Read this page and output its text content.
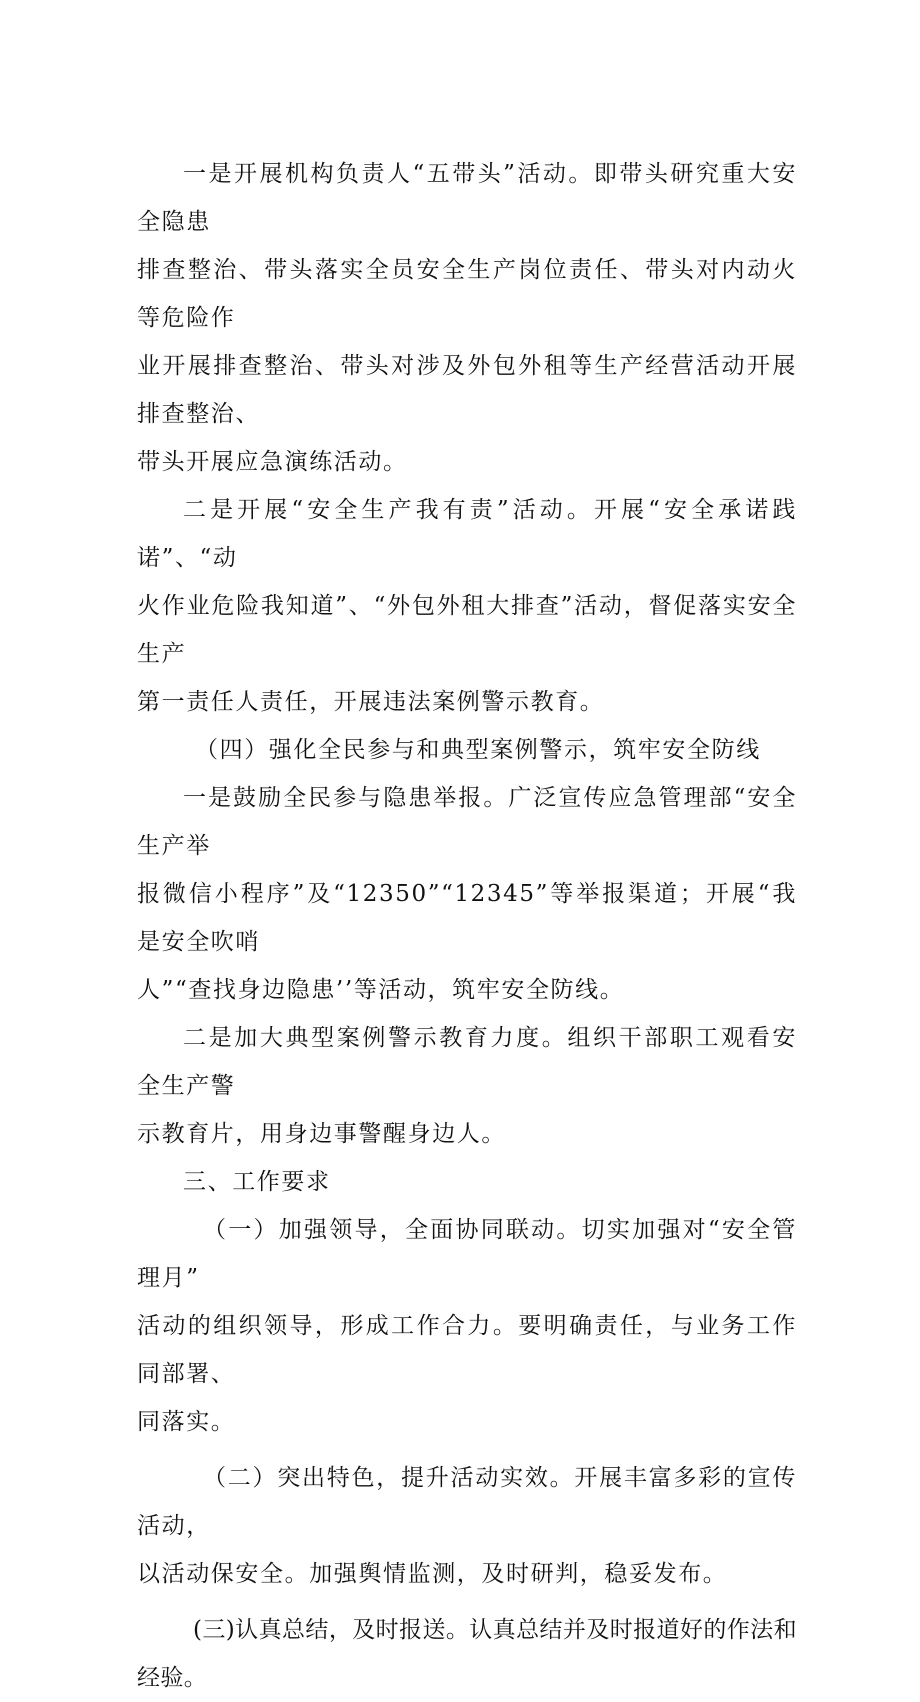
一是开展机构负责人“五带头”活动。即带头研究重大安全隐患
排查整治、带头落实全员安全生产岗位责任、带头对内动火等危险作
业开展排查整治、带头对涉及外包外租等生产经营活动开展排查整治、
带头开展应急演练活动。

二是开展“安全生产我有责”活动。开展“安全承诺践诺”、“动
火作业危险我知道”、“外包外租大排查”活动，督促落实安全生产
第一责任人责任，开展违法案例警示教育。

（四）强化全民参与和典型案例警示，筑牢安全防线

一是鼓励全民参与隐患举报。广泛宣传应急管理部“安全生产举
报微信小程序”及“12350”“12345”等举报渠道；开展“我是安全吹哨
人”“查找身边隐患’’等活动，筑牢安全防线。

二是加大典型案例警示教育力度。组织干部职工观看安全生产警
示教育片，用身边事警醒身边人。

三、工作要求

（一）加强领导，全面协同联动。切实加强对“安全管理月”
活动的组织领导，形成工作合力。要明确责任，与业务工作同部署、
同落实。

（二）突出特色，提升活动实效。开展丰富多彩的宣传活动，
以活动保安全。加强舆情监测，及时研判，稳妥发布。

(三)认真总结，及时报送。认真总结并及时报道好的作法和经验。
